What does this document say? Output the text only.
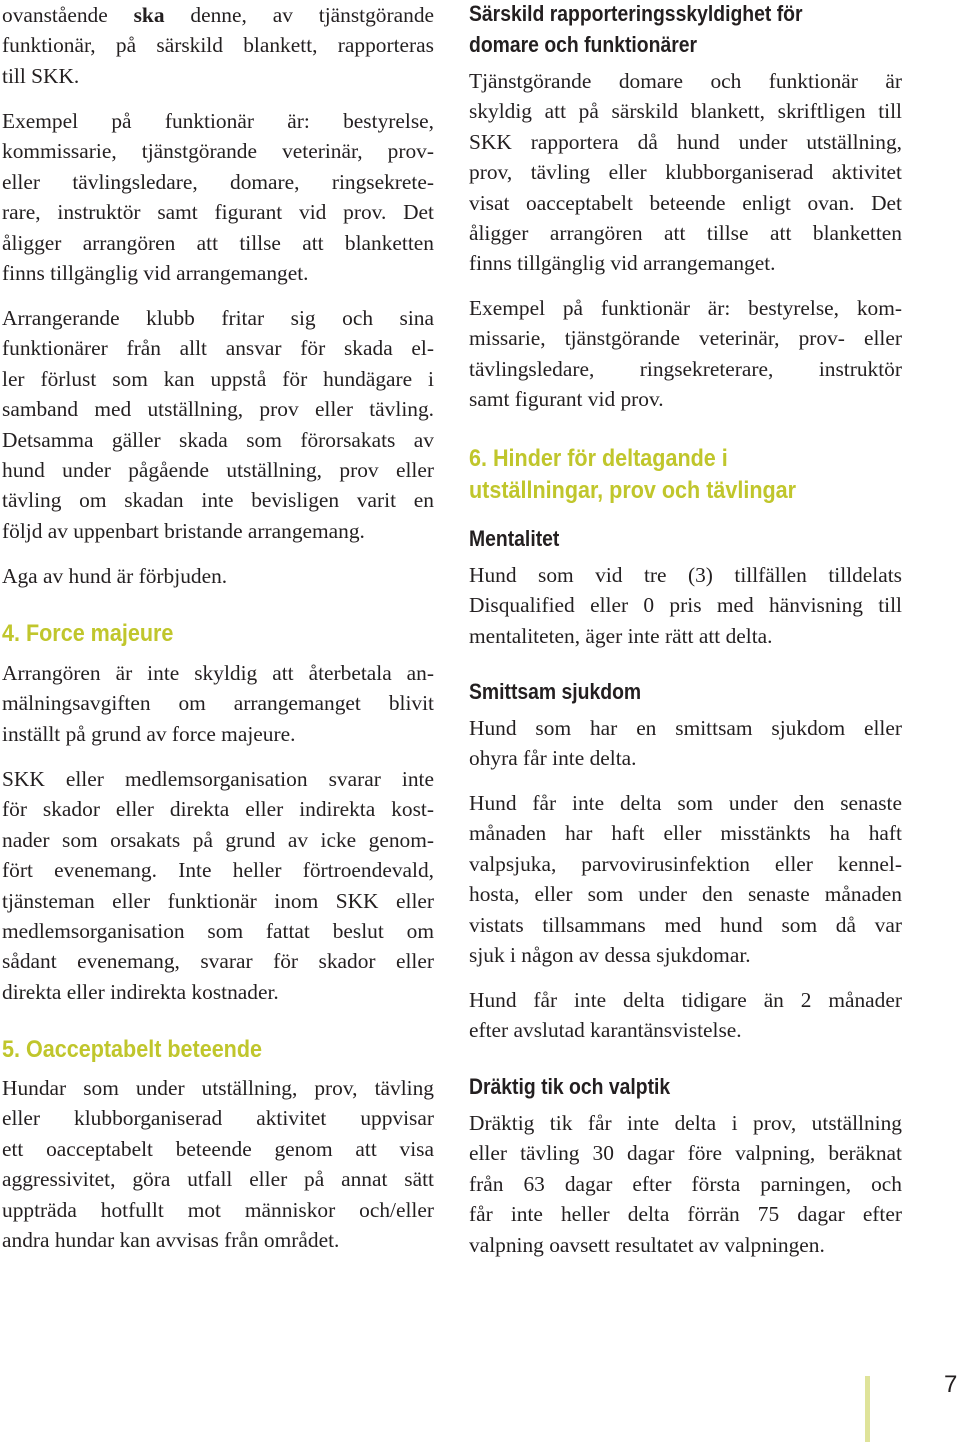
ovanstående ska denne, av tjänstgörande
funktionär, på särskild blankett, rapporteras
till SKK.

Exempel på funktionär är: bestyrelse,
kommissarie, tjänstgörande veterinär, prov-
eller tävlingsledare, domare, ringsekrete-
rare, instruktör samt figurant vid prov. Det
åligger arrangören att tillse att blanketten
finns tillgänglig vid arrangemanget.

Arrangerande klubb fritar sig och sina
funktionärer från allt ansvar för skada el-
ler förlust som kan uppstå för hundägare i
samband med utställning, prov eller tävling.
Detsamma gäller skada som förorsakats av
hund under pågående utställning, prov eller
tävling om skadan inte bevisligen varit en
följd av uppenbart bristande arrangemang.

Aga av hund är förbjuden.

4. Force majeure

Arrangören är inte skyldig att återbetala an-
mälningsavgiften om arrangemanget blivit
inställt på grund av force majeure.

SKK eller medlemsorganisation svarar inte
för skador eller direkta eller indirekta kost-
nader som orsakats på grund av icke genom-
fört evenemang. Inte heller förtroendevald,
tjänsteman eller funktionär inom SKK eller
medlemsorganisation som fattat beslut om
sådant evenemang, svarar för skador eller
direkta eller indirekta kostnader.

5. Oacceptabelt beteende

Hundar som under utställning, prov, tävling
eller klubborganiserad aktivitet uppvisar
ett oacceptabelt beteende genom att visa
aggressivitet, göra utfall eller på annat sätt
uppträda hotfullt mot människor och/eller
andra hundar kan avvisas från området.

Särskild rapporteringsskyldighet för
domare och funktionärer

Tjänstgörande domare och funktionär är
skyldig att på särskild blankett, skriftligen till
SKK rapportera då hund under utställning,
prov, tävling eller klubborganiserad aktivitet
visat oacceptabelt beteende enligt ovan. Det
åligger arrangören att tillse att blanketten
finns tillgänglig vid arrangemanget.

Exempel på funktionär är: bestyrelse, kom-
missarie, tjänstgörande veterinär, prov- eller
tävlingsledare, ringsekreterare, instruktör
samt figurant vid prov.

6. Hinder för deltagande i
utställningar, prov och tävlingar
Mentalitet

Hund som vid tre (3) tillfällen tilldelats
Disqualified eller 0 pris med hänvisning till
mentaliteten, äger inte rätt att delta.

Smittsam sjukdom

Hund som har en smittsam sjukdom eller
ohyra får inte delta.

Hund får inte delta som under den senaste
månaden har haft eller misstänkts ha haft
valpsjuka, parvovirusinfektion eller kennel-
hosta, eller som under den senaste månaden
vistats tillsammans med hund som då var
sjuk i någon av dessa sjukdomar.

Hund får inte delta tidigare än 2 månader
efter avslutad karantänsvistelse.

Dräktig tik och valptik

Dräktig tik får inte delta i prov, utställning
eller tävling 30 dagar före valpning, beräknat
från 63 dagar efter första parningen, och
får inte heller delta förrän 75 dagar efter
valpning oavsett resultatet av valpningen.

7
